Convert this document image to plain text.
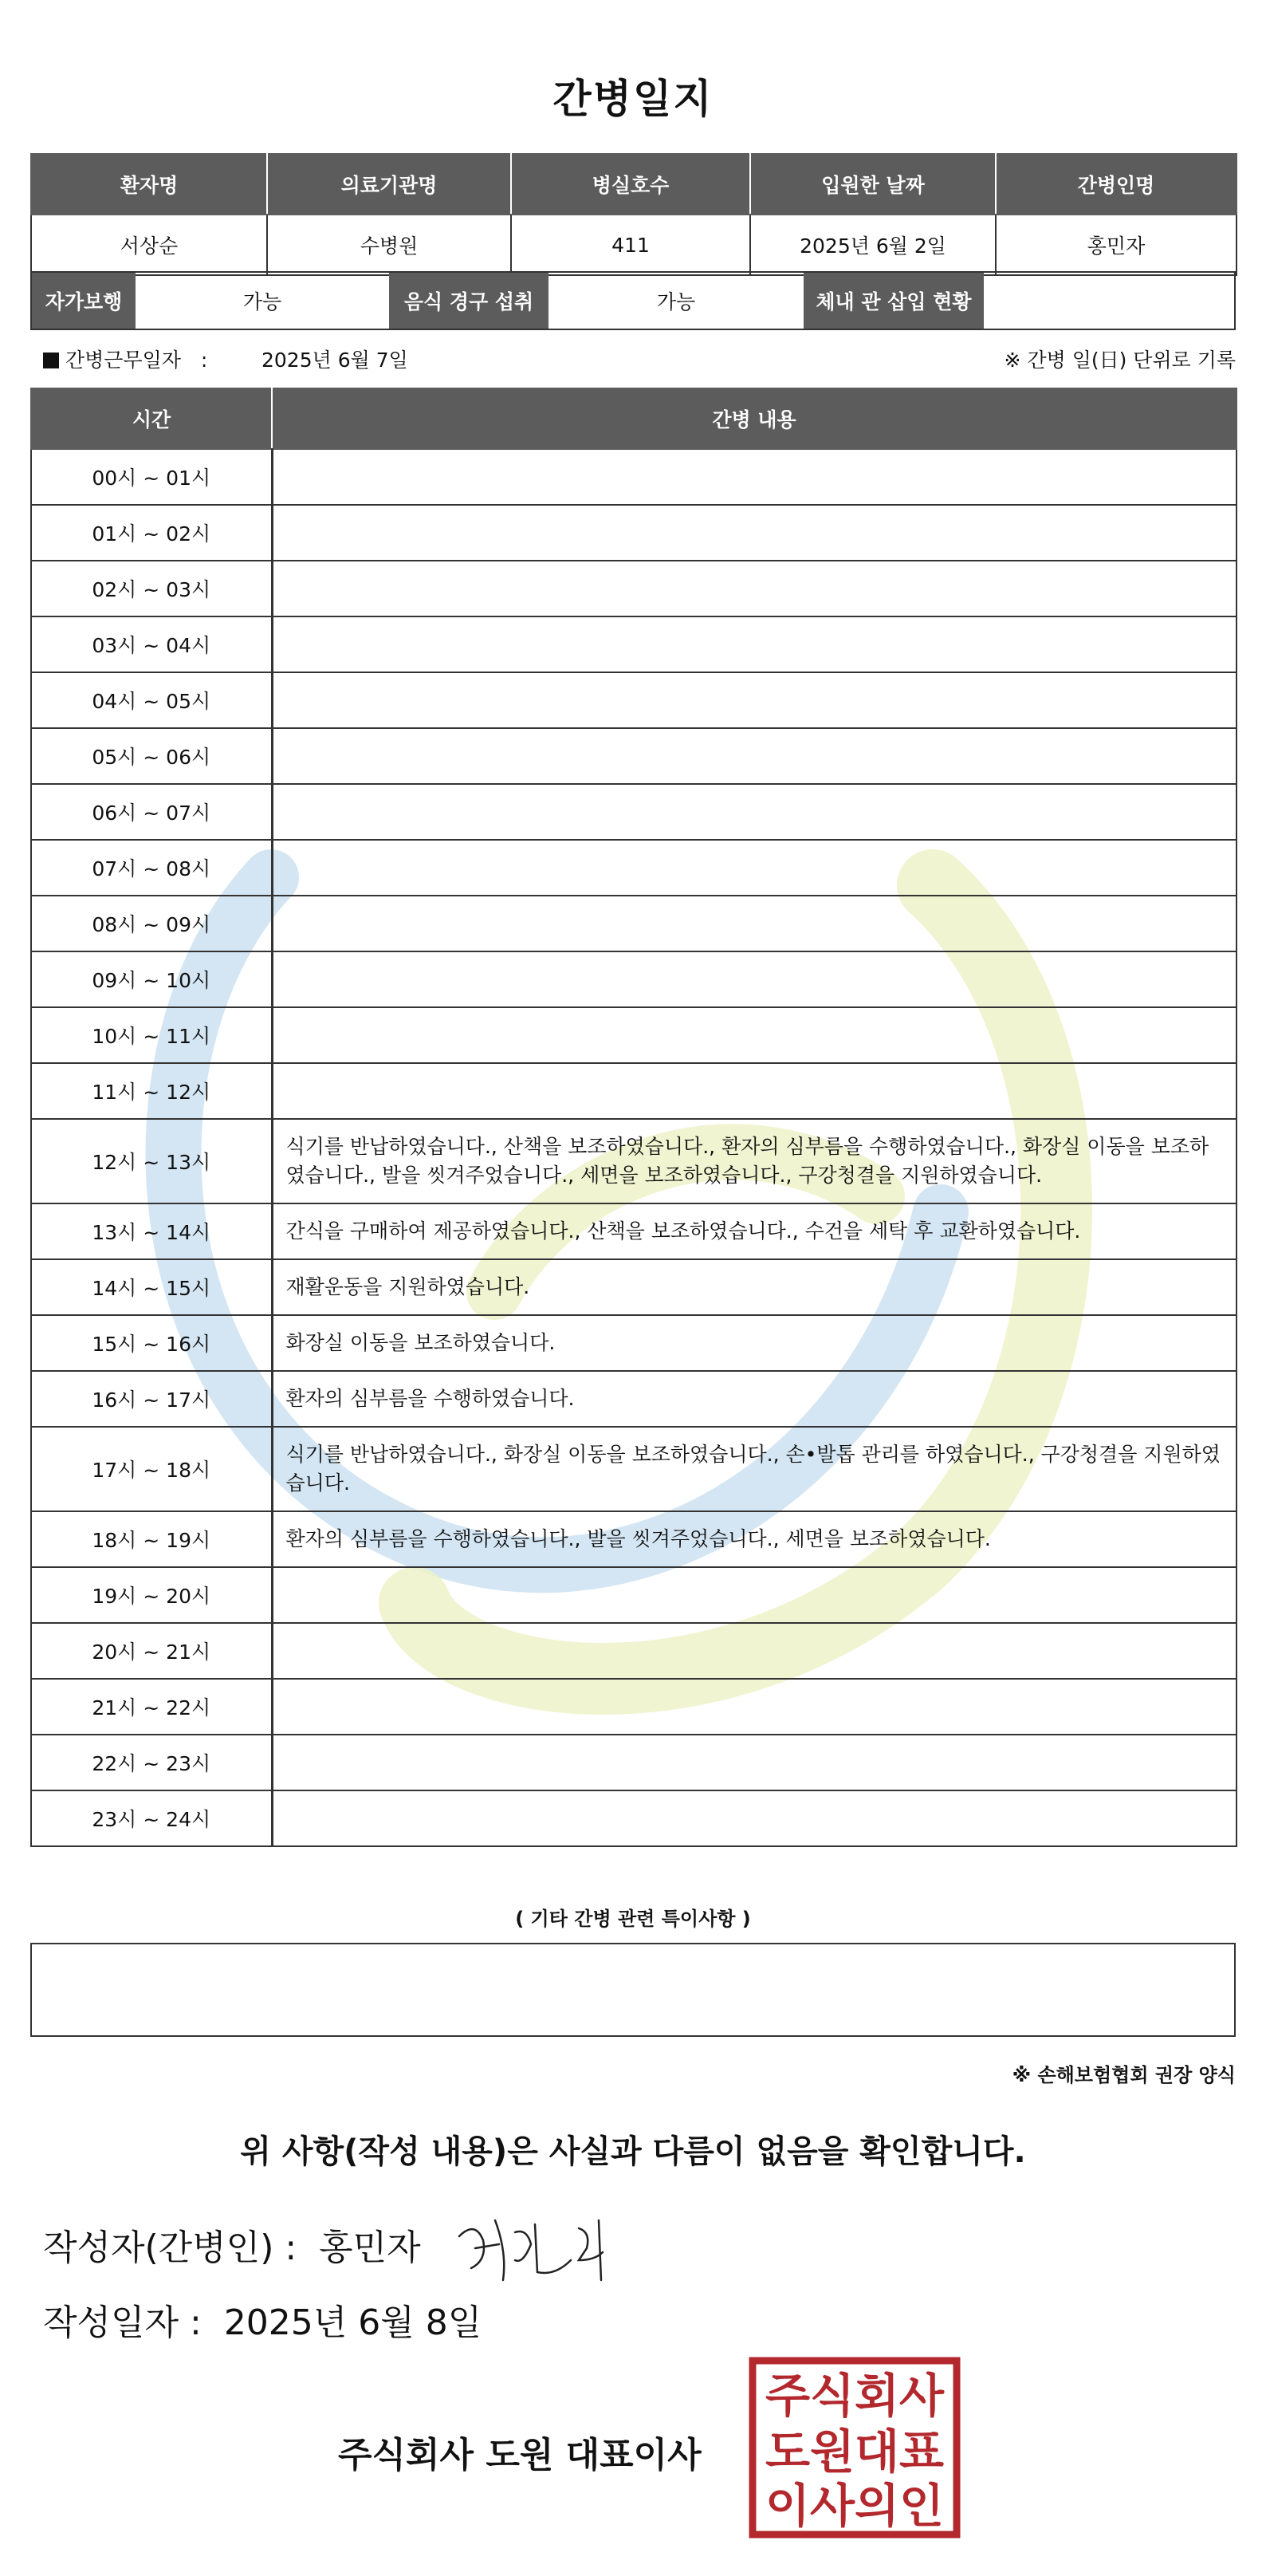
간병일지
환자명	의료기관명	병실호수	입원한 날짜	간병인명
서상순	수병원	411	2025년 6월 2일	홍민자
자가보행	가능	음식 경구 섭취	가능	체내 관 삽입 현황
간병근무일자　:	2025년 6월 7일	※ 간병 일(日) 단위로 기록
시간	간병 내용
00시 ~ 01시	
01시 ~ 02시	
02시 ~ 03시	
03시 ~ 04시	
04시 ~ 05시	
05시 ~ 06시	
06시 ~ 07시	
07시 ~ 08시	
08시 ~ 09시	
09시 ~ 10시	
10시 ~ 11시	
11시 ~ 12시	
12시 ~ 13시	식기를 반납하였습니다., 산책을 보조하였습니다., 환자의 심부름을 수행하였습니다., 화장실 이동을 보조하였습니다., 발을 씻겨주었습니다., 세면을 보조하였습니다., 구강청결을 지원하였습니다.
13시 ~ 14시	간식을 구매하여 제공하였습니다., 산책을 보조하였습니다., 수건을 세탁 후 교환하였습니다.
14시 ~ 15시	재활운동을 지원하였습니다.
15시 ~ 16시	화장실 이동을 보조하였습니다.
16시 ~ 17시	환자의 심부름을 수행하였습니다.
17시 ~ 18시	식기를 반납하였습니다., 화장실 이동을 보조하였습니다., 손•발톱 관리를 하였습니다., 구강청결을 지원하였습니다.
18시 ~ 19시	환자의 심부름을 수행하였습니다., 발을 씻겨주었습니다., 세면을 보조하였습니다.
19시 ~ 20시	
20시 ~ 21시	
21시 ~ 22시	
22시 ~ 23시	
23시 ~ 24시	
( 기타 간병 관련 특이사항 )
※ 손해보험협회 권장 양식
위 사항(작성 내용)은 사실과 다름이 없음을 확인합니다.
작성자(간병인) : 홍민자
작성일자 : 2025년 6월 8일
주식회사 도원 대표이사
주식회사
도원대표
이사의인
